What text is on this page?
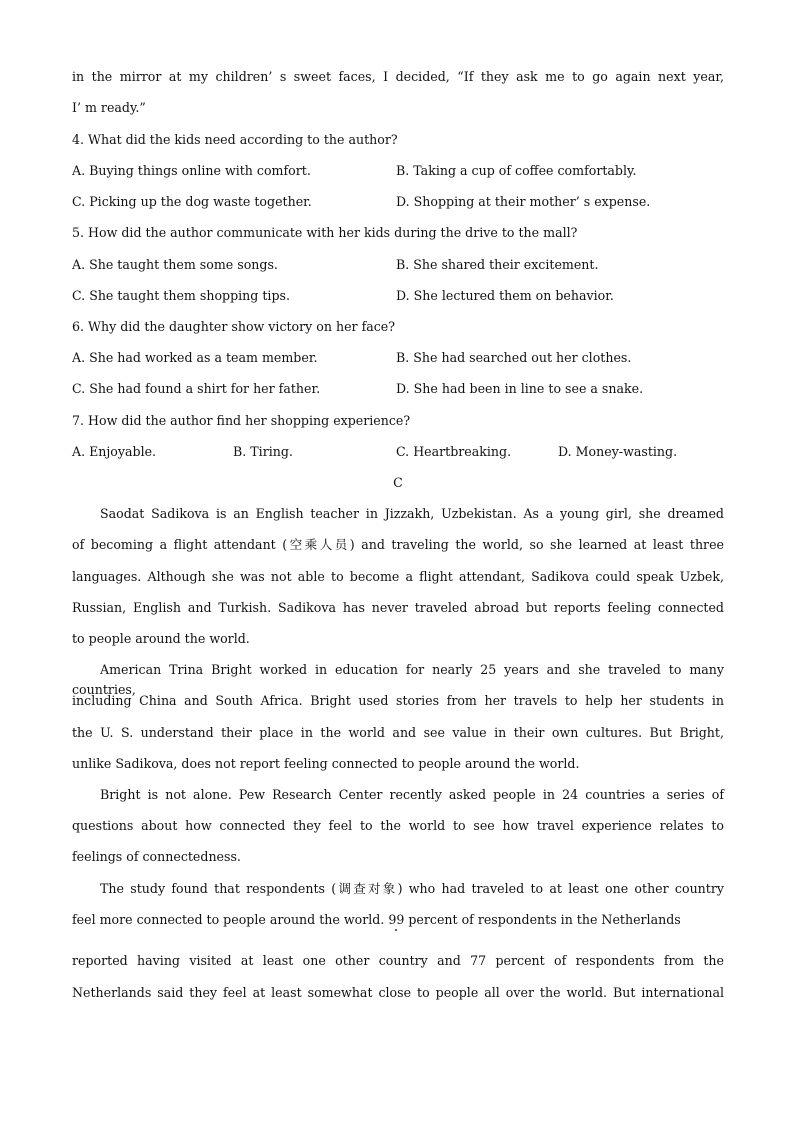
in the mirror at my children’ s sweet faces, I decided, “If they ask me to go again next year,
I’ m ready.”
4. What did the kids need according to the author?
A. Buying things online with comfort.	B. Taking a cup of coffee comfortably.
C. Picking up the dog waste together.	D. Shopping at their mother’ s expense.
5. How did the author communicate with her kids during the drive to the mall?
A. She taught them some songs.	B. She shared their excitement.
C. She taught them shopping tips.	D. She lectured them on behavior.
6. Why did the daughter show victory on her face?
A. She had worked as a team member.	B. She had searched out her clothes.
C. She had found a shirt for her father.	D. She had been in line to see a snake.
7. How did the author find her shopping experience?
A. Enjoyable.	B. Tiring.	C. Heartbreaking.	D. Money-wasting.
C
Saodat Sadikova is an English teacher in Jizzakh, Uzbekistan. As a young girl, she dreamed
of becoming a flight attendant (空乘人员) and traveling the world, so she learned at least three
languages. Although she was not able to become a flight attendant, Sadikova could speak Uzbek,
Russian, English and Turkish. Sadikova has never traveled abroad but reports feeling connected
to people around the world.
American Trina Bright worked in education for nearly 25 years and she traveled to many countries,
including China and South Africa. Bright used stories from her travels to help her students in
the U. S. understand their place in the world and see value in their own cultures. But Bright,
unlike Sadikova, does not report feeling connected to people around the world.
Bright is not alone. Pew Research Center recently asked people in 24 countries a series of
questions about how connected they feel to the world to see how travel experience relates to
feelings of connectedness.
The study found that respondents (调查对象) who had traveled to at least one other country
feel more connected to people around the world. 99 percent of respondents in the Netherlands
reported having visited at least one other country and 77 percent of respondents from the
Netherlands said they feel at least somewhat close to people all over the world. But international
